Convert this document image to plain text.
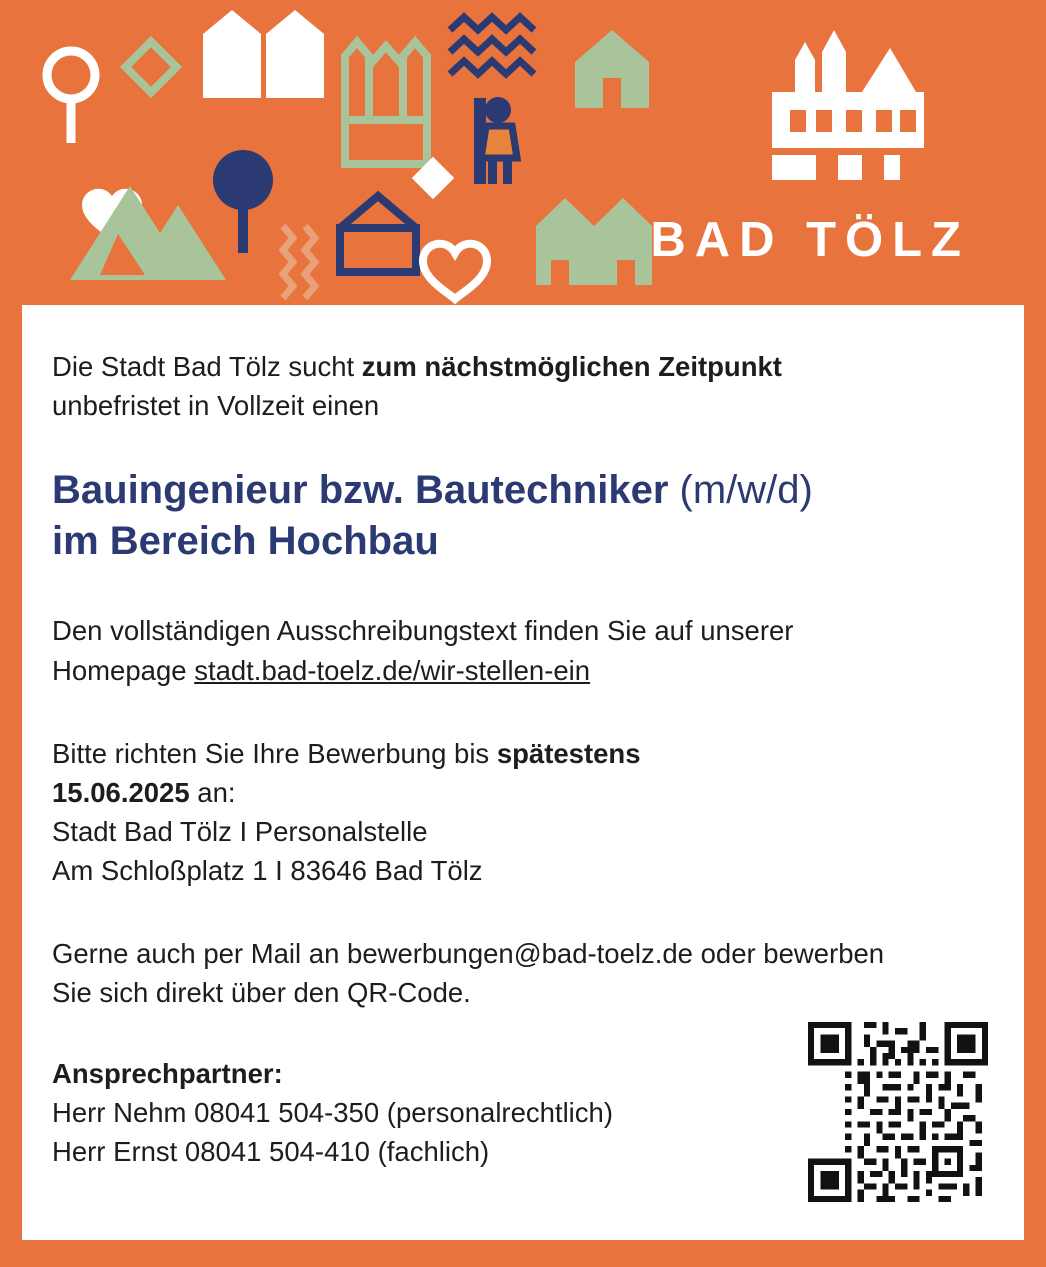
BAD TÖLZ

Die Stadt Bad Tölz sucht zum nächstmöglichen Zeitpunkt
unbefristet in Vollzeit einen

Bauingenieur bzw. Bautechniker (m/w/d)
im Bereich Hochbau

Den vollständigen Ausschreibungstext finden Sie auf unserer
Homepage stadt.bad-toelz.de/wir-stellen-ein

Bitte richten Sie Ihre Bewerbung bis spätestens
15.06.2025 an:
Stadt Bad Tölz I Personalstelle
Am Schloßplatz 1 I 83646 Bad Tölz

Gerne auch per Mail an bewerbungen@bad-toelz.de oder bewerben
Sie sich direkt über den QR-Code.

Ansprechpartner:
Herr Nehm 08041 504-350 (personalrechtlich)
Herr Ernst 08041 504-410 (fachlich)
